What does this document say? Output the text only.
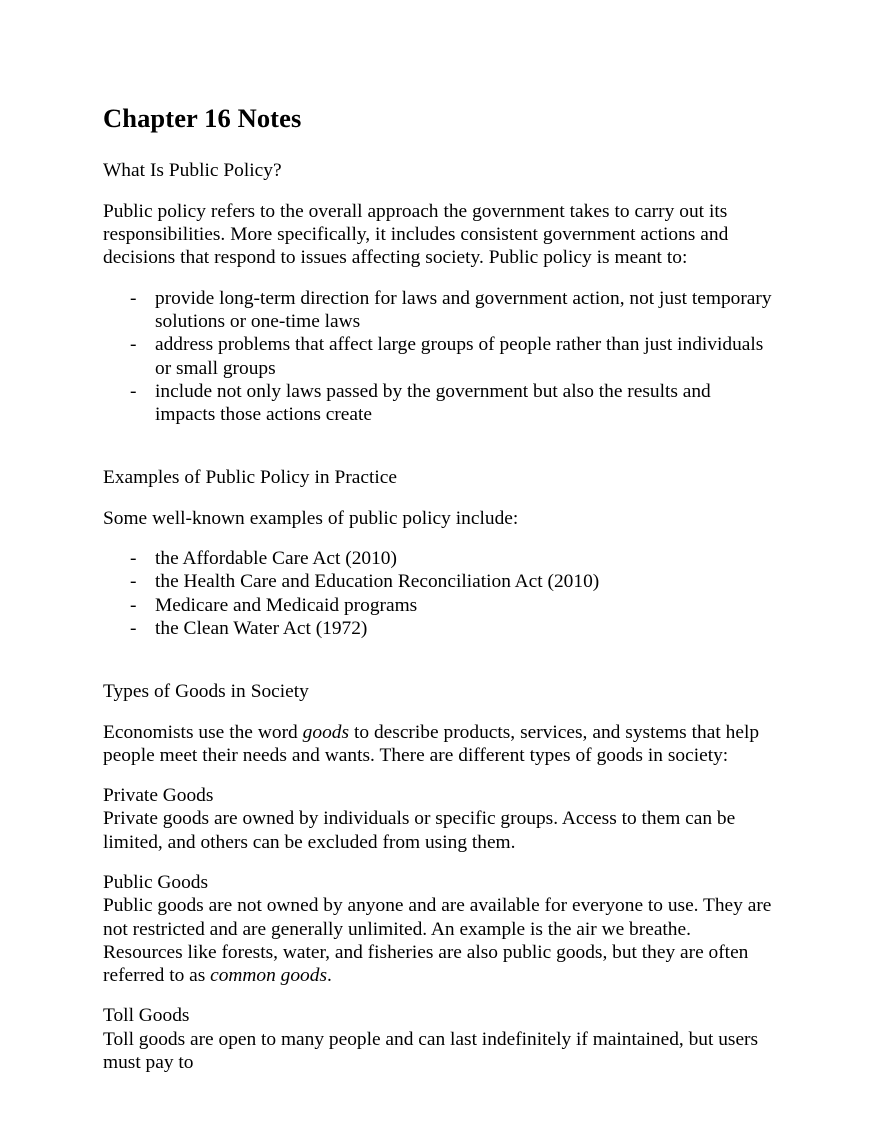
Chapter 16 Notes

What Is Public Policy?

Public policy refers to the overall approach the government takes to carry out its responsibilities. More specifically, it includes consistent government actions and decisions that respond to issues affecting society. Public policy is meant to:

- provide long-term direction for laws and government action, not just temporary solutions or one-time laws
- address problems that affect large groups of people rather than just individuals or small groups
- include not only laws passed by the government but also the results and impacts those actions create

Examples of Public Policy in Practice

Some well-known examples of public policy include:

- the Affordable Care Act (2010)
- the Health Care and Education Reconciliation Act (2010)
- Medicare and Medicaid programs
- the Clean Water Act (1972)

Types of Goods in Society

Economists use the word goods to describe products, services, and systems that help people meet their needs and wants. There are different types of goods in society:

Private Goods

Private goods are owned by individuals or specific groups. Access to them can be limited, and others can be excluded from using them.

Public Goods

Public goods are not owned by anyone and are available for everyone to use. They are not restricted and are generally unlimited. An example is the air we breathe. Resources like forests, water, and fisheries are also public goods, but they are often referred to as common goods.

Toll Goods

Toll goods are open to many people and can last indefinitely if maintained, but users must pay to
